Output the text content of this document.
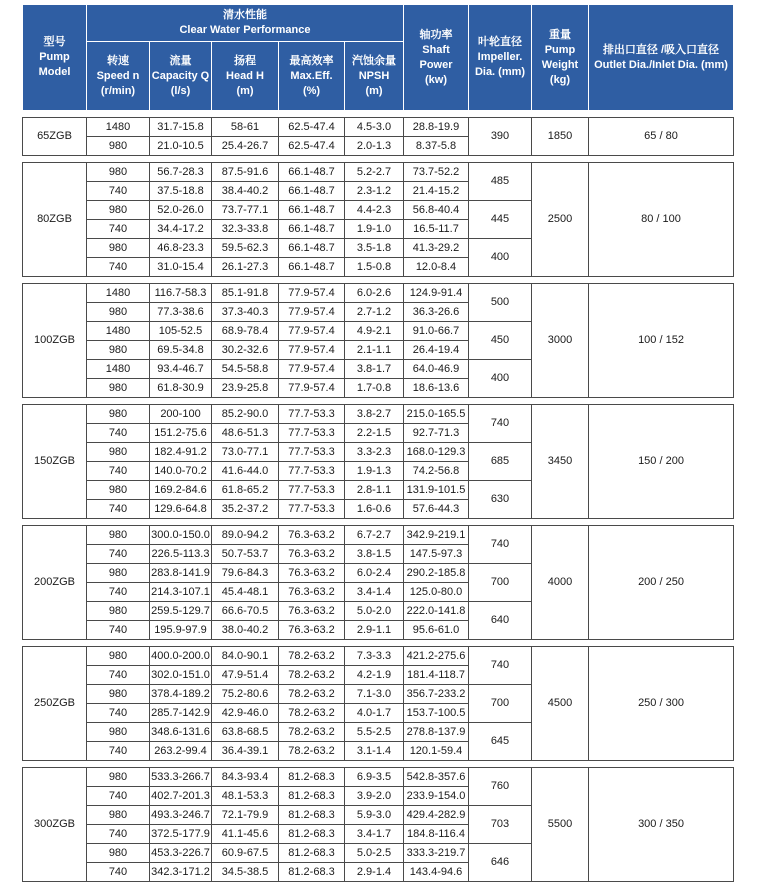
型号
Pump
Model	清水性能
Clear Water Performance					轴功率
Shaft
Power
(kw)	叶轮直径
Impeller.
Dia. (mm)	重量
Pump
Weight
(kg)	排出口直径 /吸入口直径
Outlet Dia./Inlet Dia. (mm)

	转速
Speed n
(r/min)	流量
Capacity Q
(l/s)	扬程
Head H
(m)	最高效率
Max.Eff.
(%)	汽蚀余量
NPSH
(m)				

65ZGB	1480	31.7-15.8	58-61	62.5-47.4	4.5-3.0	28.8-19.9	390	1850	65 / 80
	980	21.0-10.5	25.4-26.7	62.5-47.4	2.0-1.3	8.37-5.8			

80ZGB	980	56.7-28.3	87.5-91.6	66.1-48.7	5.2-2.7	73.7-52.2	485	2500	80 / 100
	740	37.5-18.8	38.4-40.2	66.1-48.7	2.3-1.2	21.4-15.2			
	980	52.0-26.0	73.7-77.1	66.1-48.7	4.4-2.3	56.8-40.4	445		
	740	34.4-17.2	32.3-33.8	66.1-48.7	1.9-1.0	16.5-11.7			
	980	46.8-23.3	59.5-62.3	66.1-48.7	3.5-1.8	41.3-29.2	400		
	740	31.0-15.4	26.1-27.3	66.1-48.7	1.5-0.8	12.0-8.4			

100ZGB	1480	116.7-58.3	85.1-91.8	77.9-57.4	6.0-2.6	124.9-91.4	500	3000	100 / 152
	980	77.3-38.6	37.3-40.3	77.9-57.4	2.7-1.2	36.3-26.6			
	1480	105-52.5	68.9-78.4	77.9-57.4	4.9-2.1	91.0-66.7	450		
	980	69.5-34.8	30.2-32.6	77.9-57.4	2.1-1.1	26.4-19.4			
	1480	93.4-46.7	54.5-58.8	77.9-57.4	3.8-1.7	64.0-46.9	400		
	980	61.8-30.9	23.9-25.8	77.9-57.4	1.7-0.8	18.6-13.6			

150ZGB	980	200-100	85.2-90.0	77.7-53.3	3.8-2.7	215.0-165.5	740	3450	150 / 200
	740	151.2-75.6	48.6-51.3	77.7-53.3	2.2-1.5	92.7-71.3			
	980	182.4-91.2	73.0-77.1	77.7-53.3	3.3-2.3	168.0-129.3	685		
	740	140.0-70.2	41.6-44.0	77.7-53.3	1.9-1.3	74.2-56.8			
	980	169.2-84.6	61.8-65.2	77.7-53.3	2.8-1.1	131.9-101.5	630		
	740	129.6-64.8	35.2-37.2	77.7-53.3	1.6-0.6	57.6-44.3			

200ZGB	980	300.0-150.0	89.0-94.2	76.3-63.2	6.7-2.7	342.9-219.1	740	4000	200 / 250
	740	226.5-113.3	50.7-53.7	76.3-63.2	3.8-1.5	147.5-97.3			
	980	283.8-141.9	79.6-84.3	76.3-63.2	6.0-2.4	290.2-185.8	700		
	740	214.3-107.1	45.4-48.1	76.3-63.2	3.4-1.4	125.0-80.0			
	980	259.5-129.7	66.6-70.5	76.3-63.2	5.0-2.0	222.0-141.8	640		
	740	195.9-97.9	38.0-40.2	76.3-63.2	2.9-1.1	95.6-61.0			

250ZGB	980	400.0-200.0	84.0-90.1	78.2-63.2	7.3-3.3	421.2-275.6	740	4500	250 / 300
	740	302.0-151.0	47.9-51.4	78.2-63.2	4.2-1.9	181.4-118.7			
	980	378.4-189.2	75.2-80.6	78.2-63.2	7.1-3.0	356.7-233.2	700		
	740	285.7-142.9	42.9-46.0	78.2-63.2	4.0-1.7	153.7-100.5			
	980	348.6-131.6	63.8-68.5	78.2-63.2	5.5-2.5	278.8-137.9	645		
	740	263.2-99.4	36.4-39.1	78.2-63.2	3.1-1.4	120.1-59.4			

300ZGB	980	533.3-266.7	84.3-93.4	81.2-68.3	6.9-3.5	542.8-357.6	760	5500	300 / 350
	740	402.7-201.3	48.1-53.3	81.2-68.3	3.9-2.0	233.9-154.0			
	980	493.3-246.7	72.1-79.9	81.2-68.3	5.9-3.0	429.4-282.9	703		
	740	372.5-177.9	41.1-45.6	81.2-68.3	3.4-1.7	184.8-116.4			
	980	453.3-226.7	60.9-67.5	81.2-68.3	5.0-2.5	333.3-219.7	646		
	740	342.3-171.2	34.5-38.5	81.2-68.3	2.9-1.4	143.4-94.6			
